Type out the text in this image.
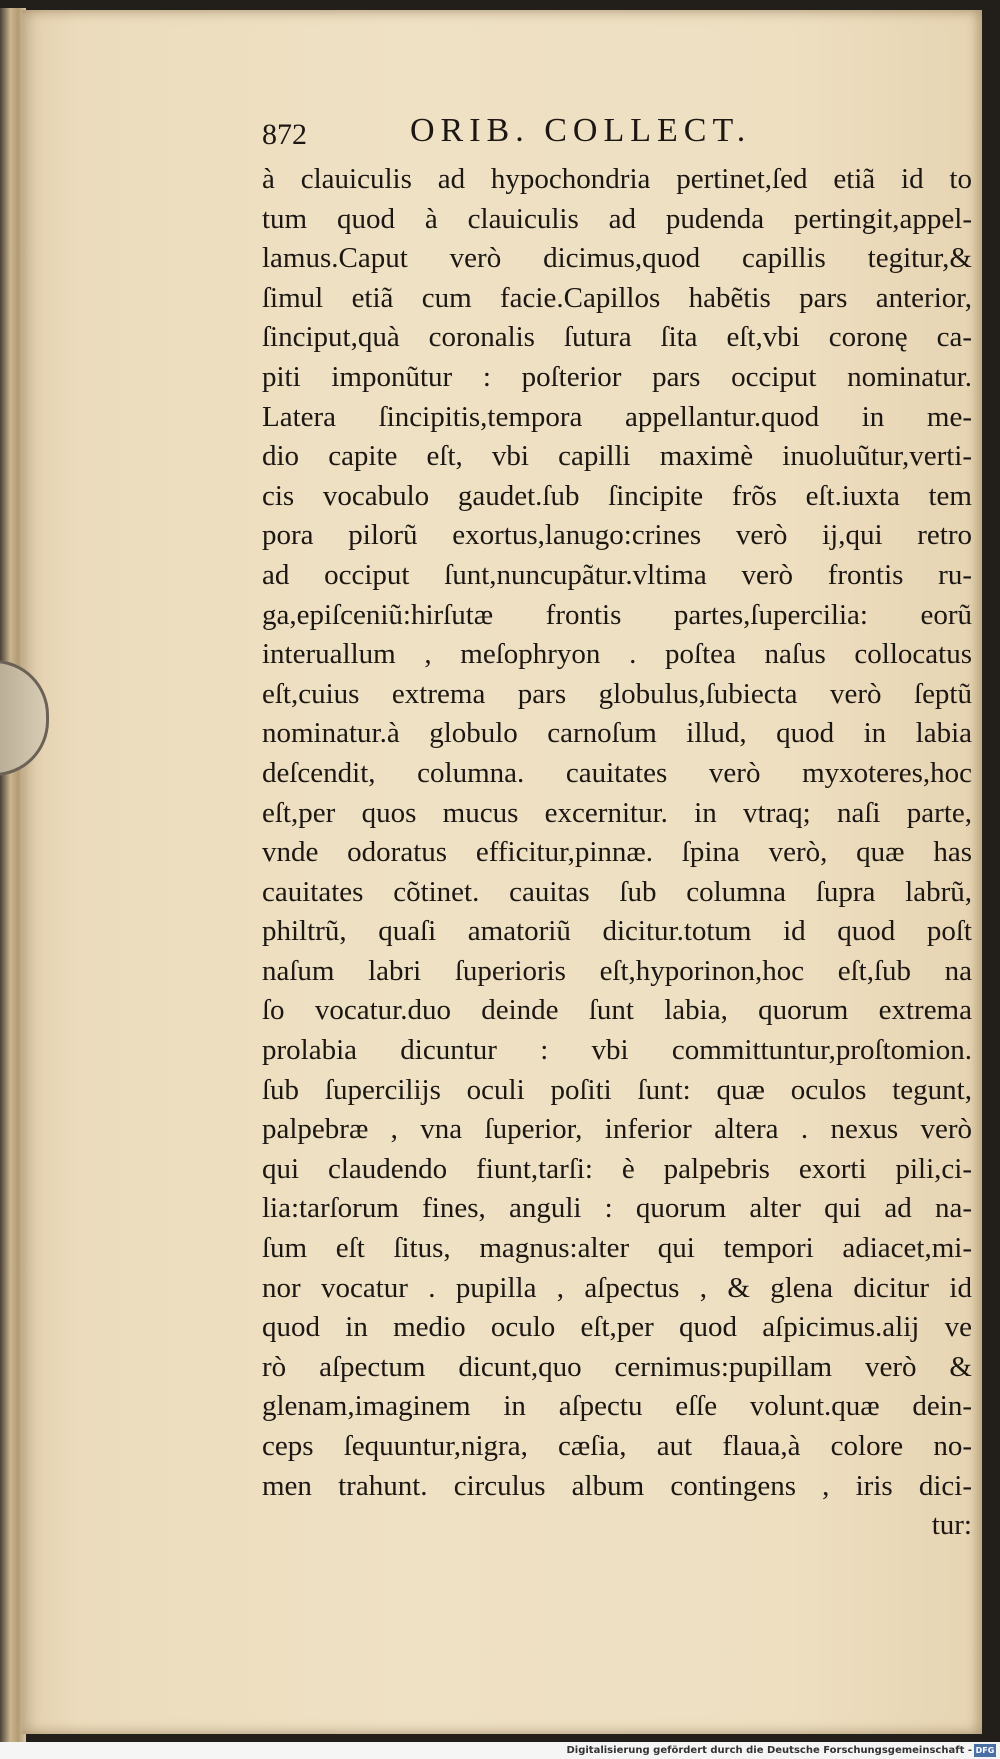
872	ORIB. COLLECT.
à clauiculis ad hypochondria pertinet,ſed etiã id to
tum quod à clauiculis ad pudenda pertingit,appel-
lamus.Caput verò dicimus,quod capillis tegitur,&
ſimul etiã cum facie.Capillos habẽtis pars anterior,
ſinciput,quà coronalis ſutura ſita eſt,vbi coronę ca-
piti imponũtur : poſterior pars occiput nominatur.
Latera ſincipitis,tempora appellantur.quod in me-
dio capite eſt, vbi capilli maximè inuoluũtur,verti-
cis vocabulo gaudet.ſub ſincipite frõs eſt.iuxta tem
pora pilorũ exortus,lanugo:crines verò ij,qui retro
ad occiput ſunt,nuncupãtur.vltima verò frontis ru-
ga,epiſceniũ:hirſutæ frontis partes,ſupercilia: eorũ
interuallum , meſophryon . poſtea naſus collocatus
eſt,cuius extrema pars globulus,ſubiecta verò ſeptũ
nominatur.à globulo carnoſum illud, quod in labia
deſcendit, columna. cauitates verò myxoteres,hoc
eſt,per quos mucus excernitur. in vtraq; naſi parte,
vnde odoratus efficitur,pinnæ. ſpina verò, quæ has
cauitates cõtinet. cauitas ſub columna ſupra labrũ,
philtrũ, quaſi amatoriũ dicitur.totum id quod poſt
naſum labri ſuperioris eſt,hyporinon,hoc eſt,ſub na
ſo vocatur.duo deinde ſunt labia, quorum extrema
prolabia dicuntur : vbi committuntur,proſtomion.
ſub ſupercilijs oculi poſiti ſunt: quæ oculos tegunt,
palpebræ , vna ſuperior, inferior altera . nexus verò
qui claudendo fiunt,tarſi: è palpebris exorti pili,ci-
lia:tarſorum fines, anguli : quorum alter qui ad na-
ſum eſt ſitus, magnus:alter qui tempori adiacet,mi-
nor vocatur . pupilla , aſpectus , & glena dicitur id
quod in medio oculo eſt,per quod aſpicimus.alij ve
rò aſpectum dicunt,quo cernimus:pupillam verò &
glenam,imaginem in aſpectu eſſe volunt.quæ dein-
ceps ſequuntur,nigra, cæſia, aut flaua,à colore no-
men trahunt. circulus album contingens , iris dici-
tur:
Digitalisierung gefördert durch die Deutsche Forschungsgemeinschaft - DFG
